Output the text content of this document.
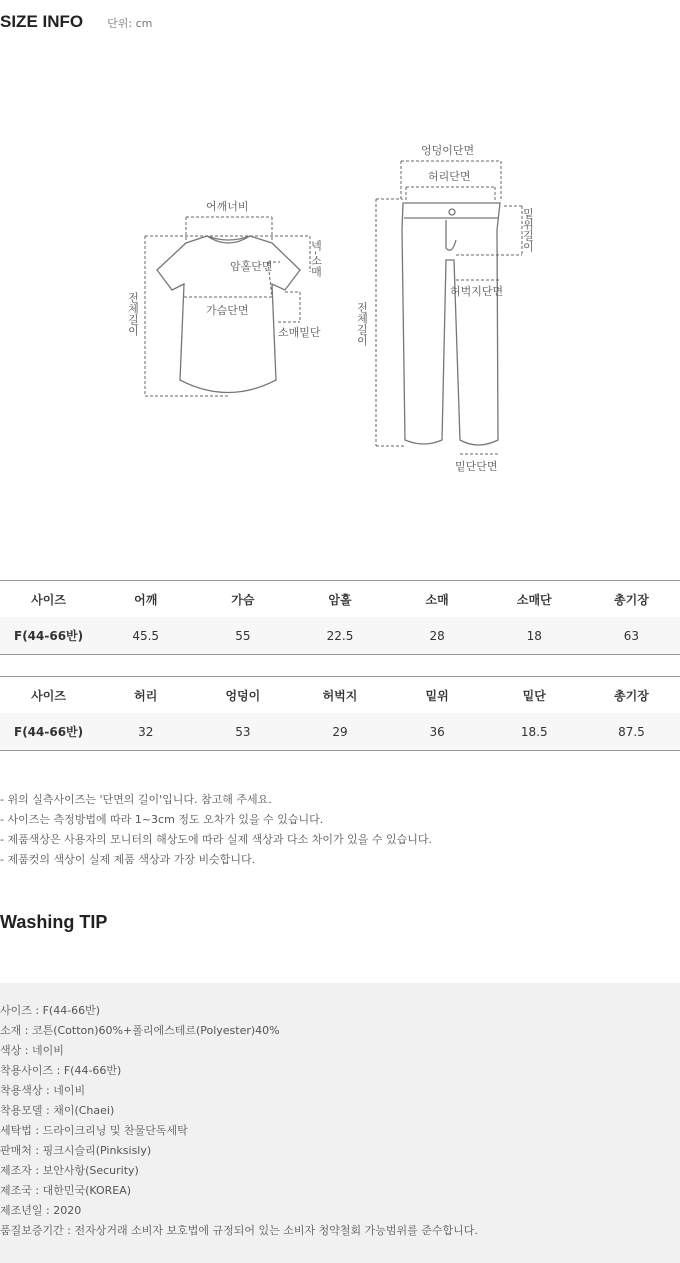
SIZE INFO 단위: cm
어깨너비
암홀단면	넥-소매
가슴단면
소매밑단
전체길이
엉덩이단면
허리단면
밑위길이
허벅지단면
전체길이
밑단단면
사이즈	어깨	가슴	암홀	소매	소매단	총기장
F(44-66반)	45.5	55	22.5	28	18	63
사이즈	허리	엉덩이	허벅지	밑위	밑단	총기장
F(44-66반)	32	53	29	36	18.5	87.5
- 위의 실측사이즈는 '단면의 길이'입니다. 참고해 주세요.
- 사이즈는 측정방법에 따라 1~3cm 정도 오차가 있을 수 있습니다.
- 제품색상은 사용자의 모니터의 해상도에 따라 실제 색상과 다소 차이가 있을 수 있습니다.
- 제품컷의 색상이 실제 제품 색상과 가장 비슷합니다.
Washing TIP
사이즈 : F(44-66반)
소재 : 코튼(Cotton)60%+폴리에스테르(Polyester)40%
색상 : 네이비
착용사이즈 : F(44-66반)
착용색상 : 네이비
착용모델 : 채이(Chaei)
세탁법 : 드라이크리닝 및 찬물단독세탁
판매처 : 핑크시슬리(Pinksisly)
제조자 : 보안사항(Security)
제조국 : 대한민국(KOREA)
제조년일 : 2020
품질보증기간 : 전자상거래 소비자 보호법에 규정되어 있는 소비자 청약철회 가능범위를 준수합니다.
